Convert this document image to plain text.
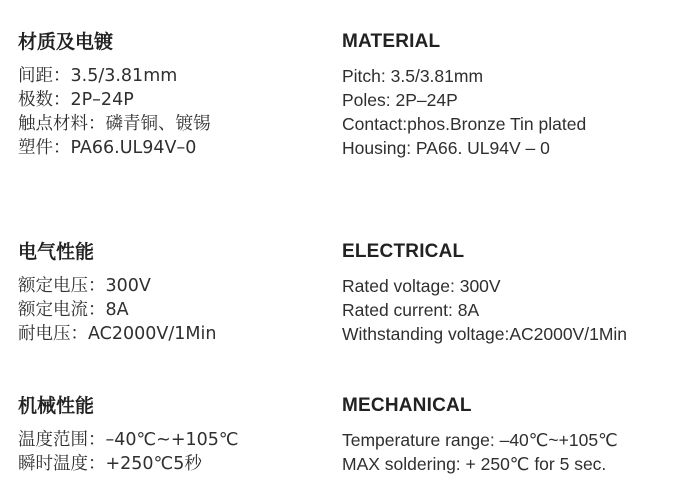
材质及电镀
间距：3.5/3.81mm
极数：2P–24P
触点材料：磷青铜、镀锡
塑件：PA66.UL94V–0
电气性能
额定电压：300V
额定电流：8A
耐电压：AC2000V/1Min
机械性能
温度范围：–40℃~+105℃
瞬时温度：+250℃5秒
MATERIAL
Pitch: 3.5/3.81mm
Poles: 2P–24P
Contact:phos.Bronze Tin plated
Housing: PA66. UL94V – 0
ELECTRICAL
Rated voltage: 300V
Rated current: 8A
Withstanding voltage:AC2000V/1Min
MECHANICAL
Temperature range: –40℃~+105℃
MAX soldering: + 250℃ for 5 sec.
